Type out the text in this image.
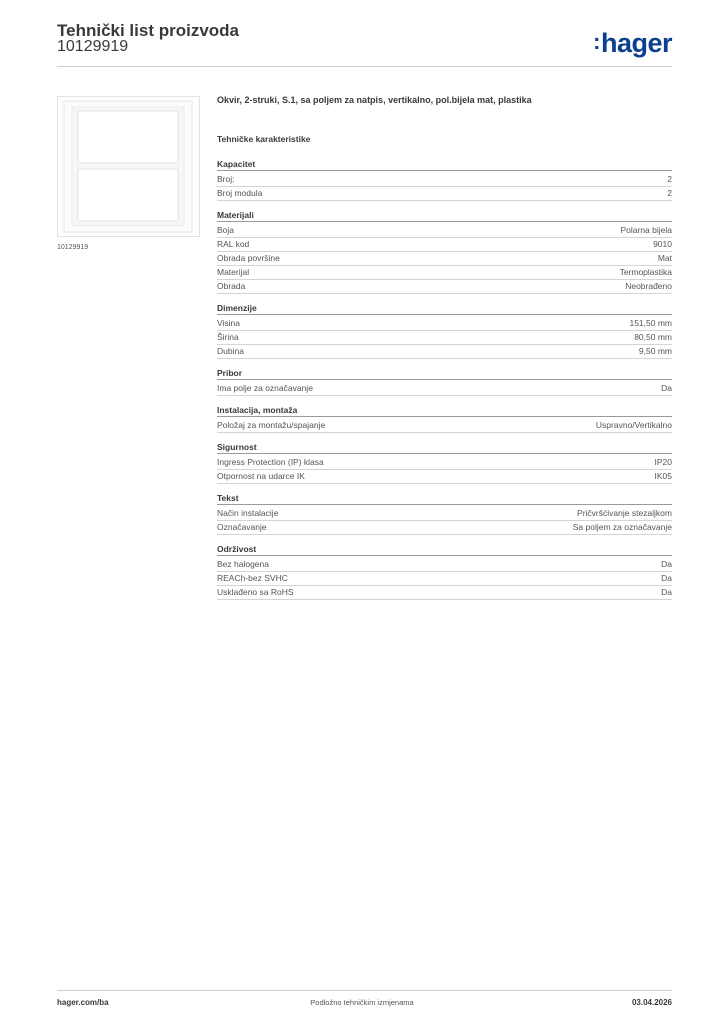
Tehnički list proizvoda
10129919	:hager
10129919
Okvir, 2-struki, S.1, sa poljem za natpis, vertikalno, pol.bijela mat, plastika
Tehničke karakteristike
Kapacitet
Broj:	2
Broj modula	2
Materijali
Boja	Polarna bijela
RAL kod	9010
Obrada površine	Mat
Materijal	Termoplastika
Obrada	Neobrađeno
Dimenzije
Visina	151,50 mm
Širina	80,50 mm
Dubina	9,50 mm
Pribor
Ima polje za označavanje	Da
Instalacija, montaža
Položaj za montažu/spajanje	Uspravno/Vertikalno
Sigurnost
Ingress Protection (IP) klasa	IP20
Otpornost na udarce IK	IK05
Tekst
Način instalacije	Pričvršćivanje stezaljkom
Označavanje	Sa poljem za označavanje
Održivost
Bez halogena	Da
REACh-bez SVHC	Da
Usklađeno sa RoHS	Da
hager.com/ba	Podložno tehničkim izmjenama	03.04.2026
